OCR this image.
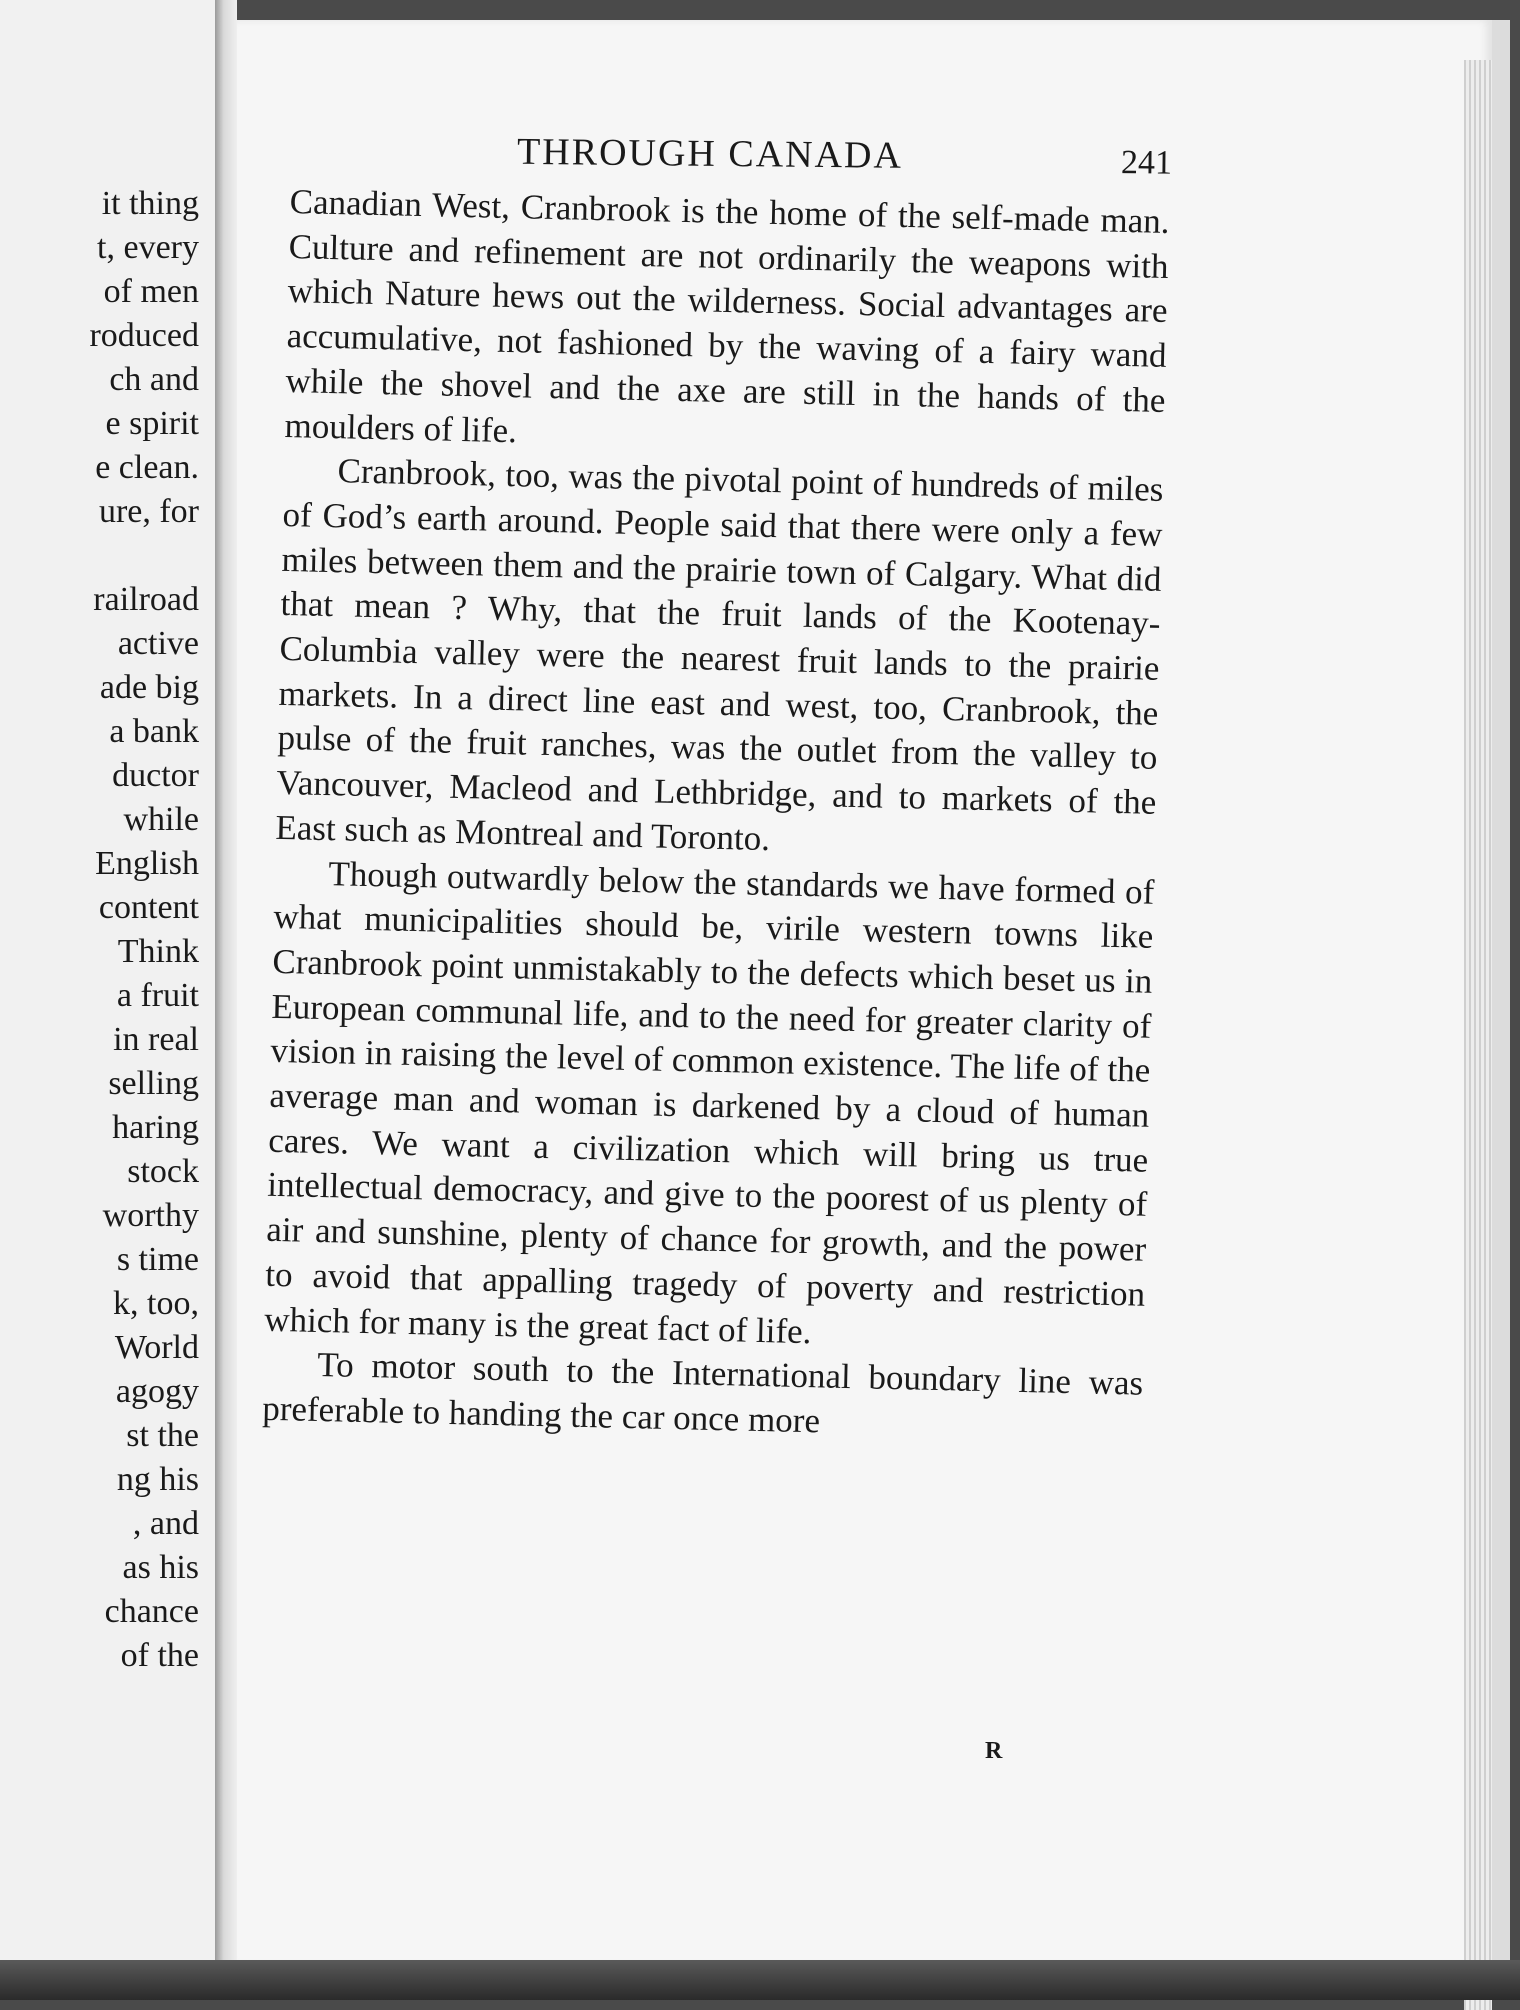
it thing
t, every
of men
roduced
ch and
e spirit
e clean.
ure, for
railroad
active
ade big
a bank
ductor
while
English
content
Think
a fruit
in real
selling
haring
stock
worthy
s time
k, too,
World
agogy
st the
ng his
, and
as his
chance
of the
THROUGH CANADA	241

Canadian West, Cranbrook is the home of the self-made man. Culture and refinement are not ordinarily the weapons with which Nature hews out the wilderness. Social advantages are accumulative, not fashioned by the waving of a fairy wand while the shovel and the axe are still in the hands of the moulders of life.

Cranbrook, too, was the pivotal point of hundreds of miles of God’s earth around. People said that there were only a few miles between them and the prairie town of Calgary. What did that mean ? Why, that the fruit lands of the Kootenay-Columbia valley were the nearest fruit lands to the prairie markets. In a direct line east and west, too, Cranbrook, the pulse of the fruit ranches, was the outlet from the valley to Vancouver, Macleod and Lethbridge, and to markets of the East such as Montreal and Toronto.

Though outwardly below the standards we have formed of what municipalities should be, virile western towns like Cranbrook point unmistakably to the defects which beset us in European communal life, and to the need for greater clarity of vision in raising the level of common existence. The life of the average man and woman is darkened by a cloud of human cares. We want a civilization which will bring us true intellectual democracy, and give to the poorest of us plenty of air and sunshine, plenty of chance for growth, and the power to avoid that appalling tragedy of poverty and restriction which for many is the great fact of life.

To motor south to the International boundary line was preferable to handing the car once more

R
